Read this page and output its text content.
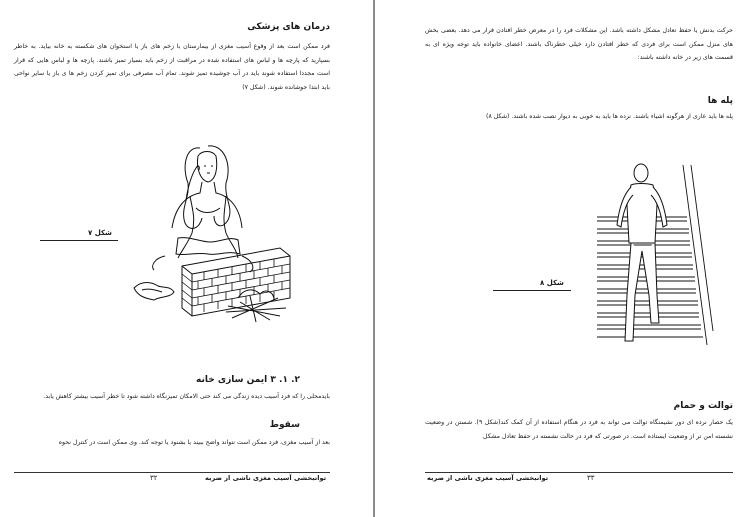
درمان های پزشکی
فرد ممکن است بعد از وقوع آسیب مغزی از بیمارستان با زخم های باز یا استخوان های شکسته به خانه بیاید. به خاطر بسپارید که پارچه ها و لباس های استفاده شده در مراقبت از زخم باید بسیار تمیز باشند. پارچه ها و لباس هایی که قرار است مجددا استفاده شوند باید در آب جوشیده تمیز شوند. تمام آب مصرفی برای تمیز کردن زخم ها ی باز یا سایر نواحی باید ابتدا جوشانده شوند. (شکل ۷)
شکل ۷
۲. ۱. ۳ ایمن سازی خانه
بایدمحلی را که فرد آسیب دیده زندگی می کند حتی الامکان تمیزنگاه داشته شود تا خطر آسیب بیشتر کاهش یابد.
سقوط
بعد از آسیب مغزی، فرد ممکن است نتواند واضح ببیند یا بشنود یا توجه کند. وی ممکن است در کنترل نحوه
توانبخشی آسیب مغزی ناشی از ضربه
۳۲
حرکت بدنش یا حفظ تعادل مشکل داشته باشد. این مشکلات فرد را در معرض خطر افتادن قرار می دهد. بعضی بخش های منزل ممکن است برای فردی که خطر افتادن دارد خیلی خطرناک باشند. اعضای خانواده باید توجه ویژه ای به قسمت های زیر در خانه داشته باشند:
پله ها
پله ها باید عاری از هرگونه اشیاء باشند. نرده ها باید به خوبی به دیوار نصب شده باشند. (شکل ۸)
شکل ۸
توالت و حمام
یک حصار نرده ای دور نشیمنگاه توالت می تواند به فرد در هنگام استفاده از آن کمک کند(شکل ۹). شستن در وضعیت نشسته امن تر از وضعیت ایستاده است. در صورتی که فرد در حالت نشسته در حفظ تعادل مشکل
توانبخشی آسیب مغزی ناشی از ضربه	۳۳
